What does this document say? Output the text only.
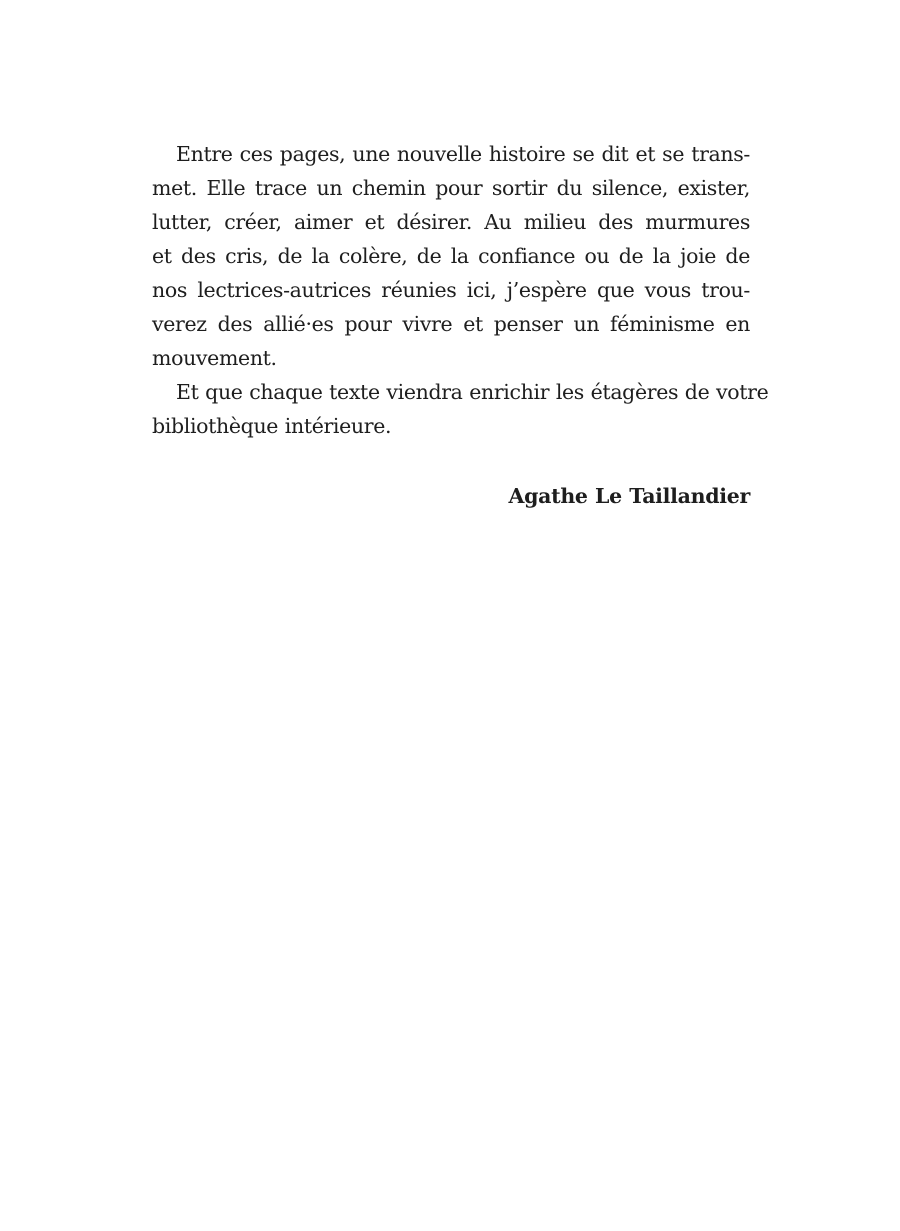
Entre ces pages, une nouvelle histoire se dit et se trans-
met. Elle trace un chemin pour sortir du silence, exister,
lutter, créer, aimer et désirer. Au milieu des murmures
et des cris, de la colère, de la confiance ou de la joie de
nos lectrices-autrices réunies ici, j’espère que vous trou-
verez des allié·es pour vivre et penser un féminisme en
mouvement.
Et que chaque texte viendra enrichir les étagères de votre
bibliothèque intérieure.
Agathe Le Taillandier
